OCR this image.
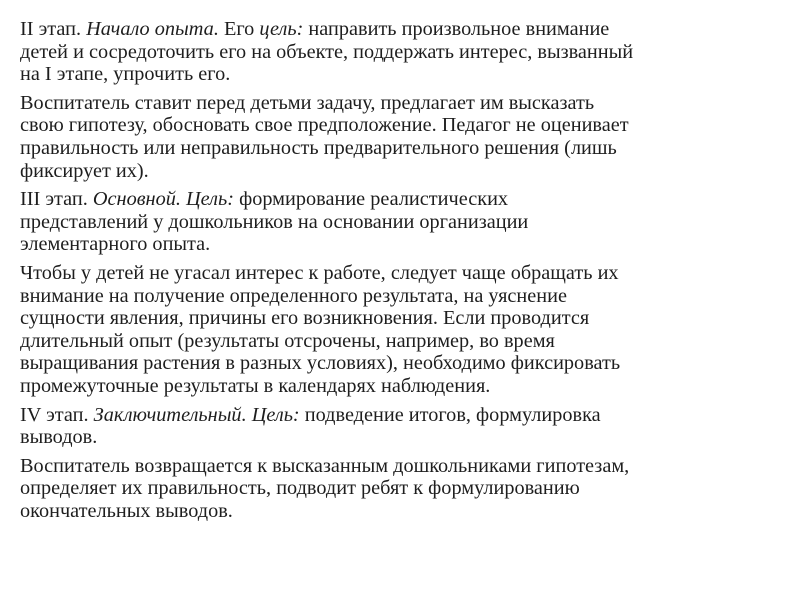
II этап. Начало опыта. Его цель: направить произвольное внимание
детей и сосредоточить его на объекте, поддержать интерес, вызванный
на I этапе, упрочить его.
Воспитатель ставит перед детьми задачу, предлагает им высказать
свою гипотезу, обосновать свое предположение. Педагог не оценивает
правильность или неправильность предварительного решения (лишь
фиксирует их).
III этап. Основной. Цель: формирование реалистических
представлений у дошкольников на основании организации
элементарного опыта.
Чтобы у детей не угасал интерес к работе, следует чаще обращать их
внимание на получение определенного результата, на уяснение
сущности явления, причины его возникновения. Если проводится
длительный опыт (результаты отсрочены, например, во время
выращивания растения в разных условиях), необходимо фиксировать
промежуточные результаты в календарях наблюдения.
IV этап. Заключительный. Цель: подведение итогов, формулировка
выводов.
Воспитатель возвращается к высказанным дошкольниками гипотезам,
определяет их правильность, подводит ребят к формулированию
окончательных выводов.
